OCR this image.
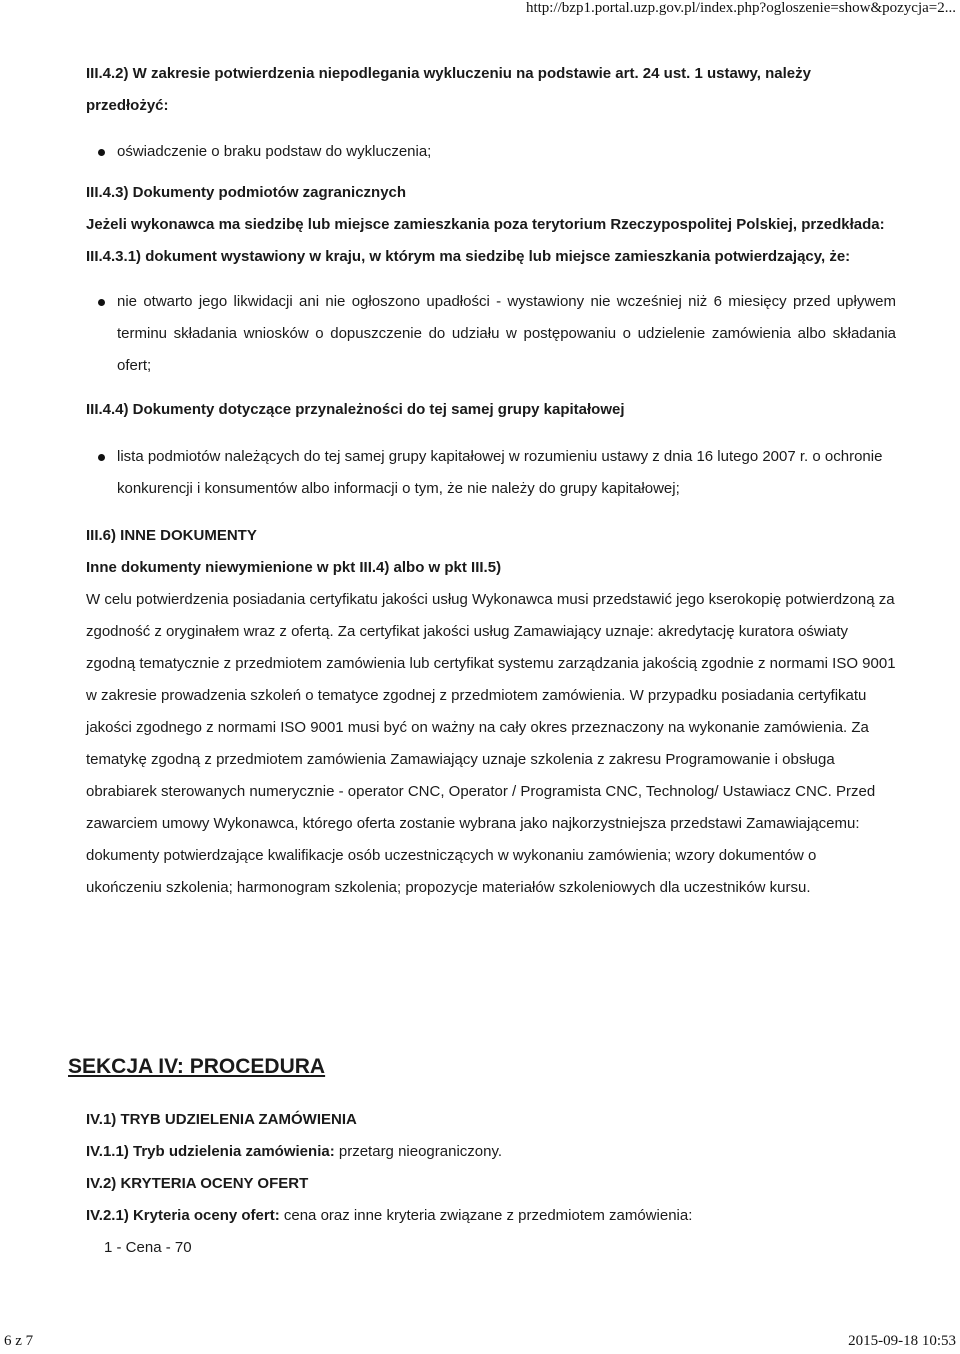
http://bzp1.portal.uzp.gov.pl/index.php?ogloszenie=show&pozycja=2...

III.4.2) W zakresie potwierdzenia niepodlegania wykluczeniu na podstawie art. 24 ust. 1 ustawy, należy przedłożyć:

oświadczenie o braku podstaw do wykluczenia;

III.4.3) Dokumenty podmiotów zagranicznych

Jeżeli wykonawca ma siedzibę lub miejsce zamieszkania poza terytorium Rzeczypospolitej Polskiej, przedkłada:

III.4.3.1) dokument wystawiony w kraju, w którym ma siedzibę lub miejsce zamieszkania potwierdzający, że:

nie otwarto jego likwidacji ani nie ogłoszono upadłości - wystawiony nie wcześniej niż 6 miesięcy przed upływem terminu składania wniosków o dopuszczenie do udziału w postępowaniu o udzielenie zamówienia albo składania ofert;

III.4.4) Dokumenty dotyczące przynależności do tej samej grupy kapitałowej

lista podmiotów należących do tej samej grupy kapitałowej w rozumieniu ustawy z dnia 16 lutego 2007 r. o ochronie konkurencji i konsumentów albo informacji o tym, że nie należy do grupy kapitałowej;

III.6) INNE DOKUMENTY

Inne dokumenty niewymienione w pkt III.4) albo w pkt III.5)

W celu potwierdzenia posiadania certyfikatu jakości usług Wykonawca musi przedstawić jego kserokopię potwierdzoną za zgodność z oryginałem wraz z ofertą. Za certyfikat jakości usług Zamawiający uznaje: akredytację kuratora oświaty zgodną tematycznie z przedmiotem zamówienia lub certyfikat systemu zarządzania jakością zgodnie z normami ISO 9001 w zakresie prowadzenia szkoleń o tematyce zgodnej z przedmiotem zamówienia. W przypadku posiadania certyfikatu jakości zgodnego z normami ISO 9001 musi być on ważny na cały okres przeznaczony na wykonanie zamówienia. Za tematykę zgodną z przedmiotem zamówienia Zamawiający uznaje szkolenia z zakresu Programowanie i obsługa obrabiarek sterowanych numerycznie - operator CNC, Operator / Programista CNC, Technolog/ Ustawiacz CNC. Przed zawarciem umowy Wykonawca, którego oferta zostanie wybrana jako najkorzystniejsza przedstawi Zamawiającemu: dokumenty potwierdzające kwalifikacje osób uczestniczących w wykonaniu zamówienia; wzory dokumentów o ukończeniu szkolenia; harmonogram szkolenia; propozycje materiałów szkoleniowych dla uczestników kursu.

SEKCJA IV: PROCEDURA

IV.1) TRYB UDZIELENIA ZAMÓWIENIA

IV.1.1) Tryb udzielenia zamówienia: przetarg nieograniczony.

IV.2) KRYTERIA OCENY OFERT

IV.2.1) Kryteria oceny ofert: cena oraz inne kryteria związane z przedmiotem zamówienia:

1 - Cena - 70

6 z 7	2015-09-18 10:53
